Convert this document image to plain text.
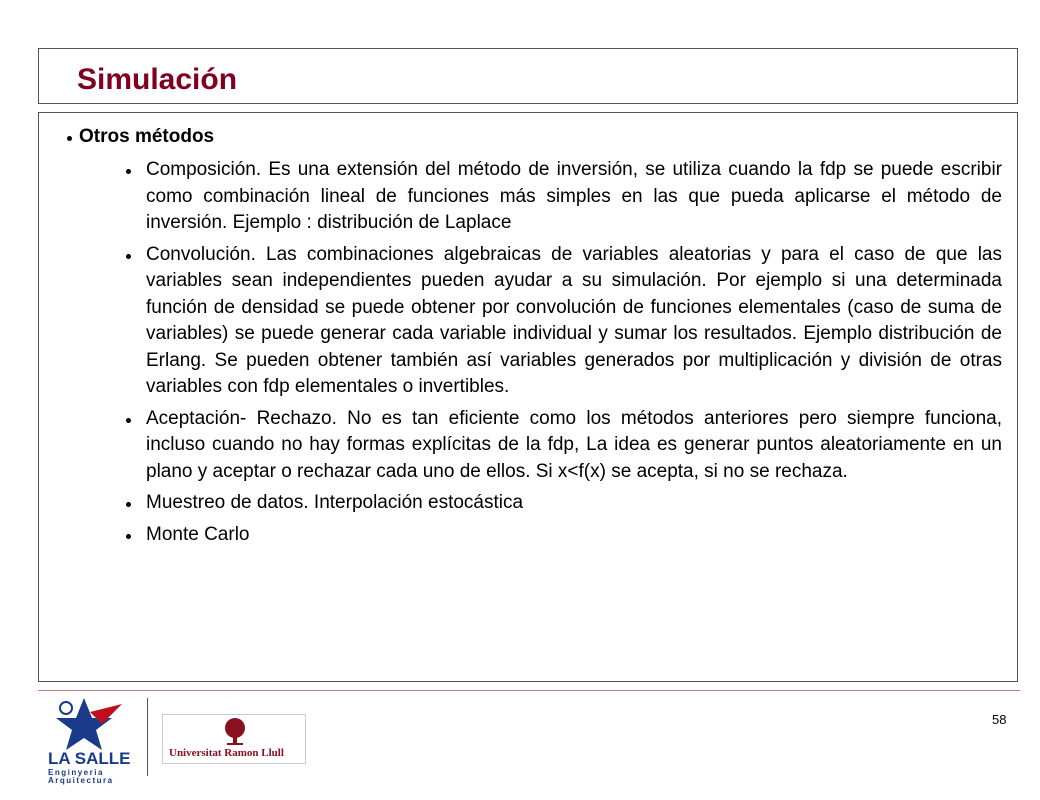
Simulación
Otros métodos
Composición. Es una extensión del método de inversión, se utiliza cuando la fdp se puede escribir como combinación lineal de funciones más simples en las que pueda aplicarse el método de inversión. Ejemplo : distribución de Laplace
Convolución. Las combinaciones algebraicas de variables aleatorias y para el caso de que las variables sean independientes pueden ayudar a su simulación. Por ejemplo si una determinada función de densidad se puede obtener por convolución de funciones elementales (caso de suma de variables) se puede generar cada variable individual y sumar los resultados. Ejemplo distribución de Erlang. Se pueden obtener también así variables generados por multiplicación y división de otras variables con fdp elementales o invertibles.
Aceptación- Rechazo. No es tan eficiente como los métodos anteriores pero siempre funciona, incluso cuando no hay formas explícitas de la fdp, La idea es generar puntos aleatoriamente en un plano y aceptar o rechazar cada uno de ellos. Si x<f(x) se acepta, si no se rechaza.
Muestreo de datos. Interpolación estocástica
Monte Carlo
LA SALLE
Enginyeria
Arquitectura
Universitat Ramon Llull
58
